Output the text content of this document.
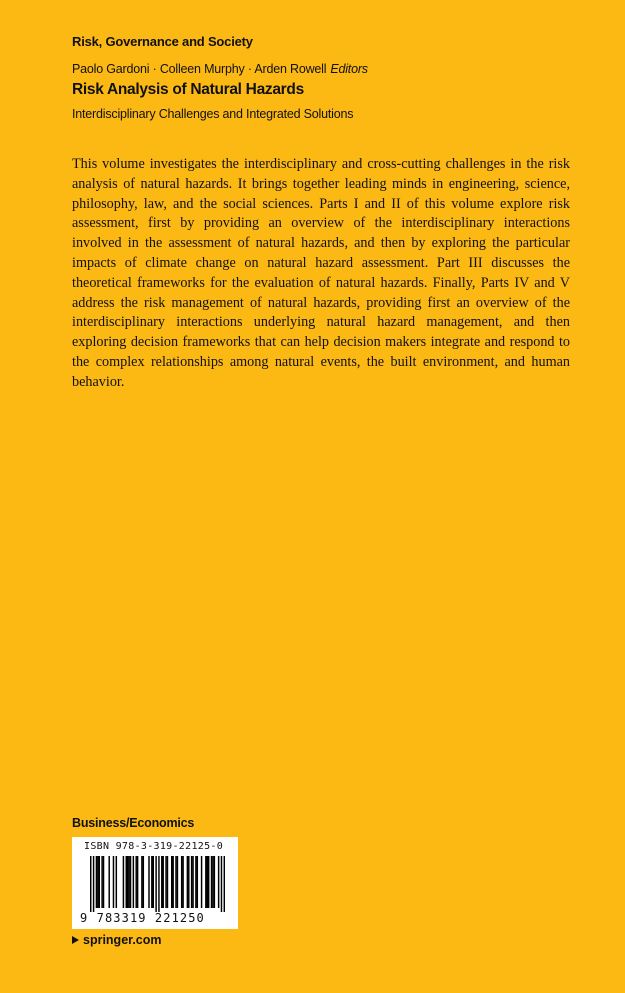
Risk, Governance and Society
Paolo Gardoni · Colleen Murphy · Arden Rowell Editors
Risk Analysis of Natural Hazards
Interdisciplinary Challenges and Integrated Solutions

This volume investigates the interdisciplinary and cross-cutting challenges in the risk analysis of natural hazards. It brings together leading minds in engineering, science, philosophy, law, and the social sciences. Parts I and II of this volume explore risk assessment, first by providing an overview of the interdisciplinary interactions involved in the assessment of natural hazards, and then by exploring the particular impacts of climate change on natural hazard assessment. Part III discusses the theoretical frameworks for the evaluation of natural hazards. Finally, Parts IV and V address the risk management of natural hazards, providing first an overview of the interdisciplinary interactions underlying natural hazard management, and then exploring decision frameworks that can help decision makers integrate and respond to the complex relationships among natural events, the built environment, and human behavior.

Business/Economics
ISBN 978-3-319-22125-0
9 783319 221250
springer.com
